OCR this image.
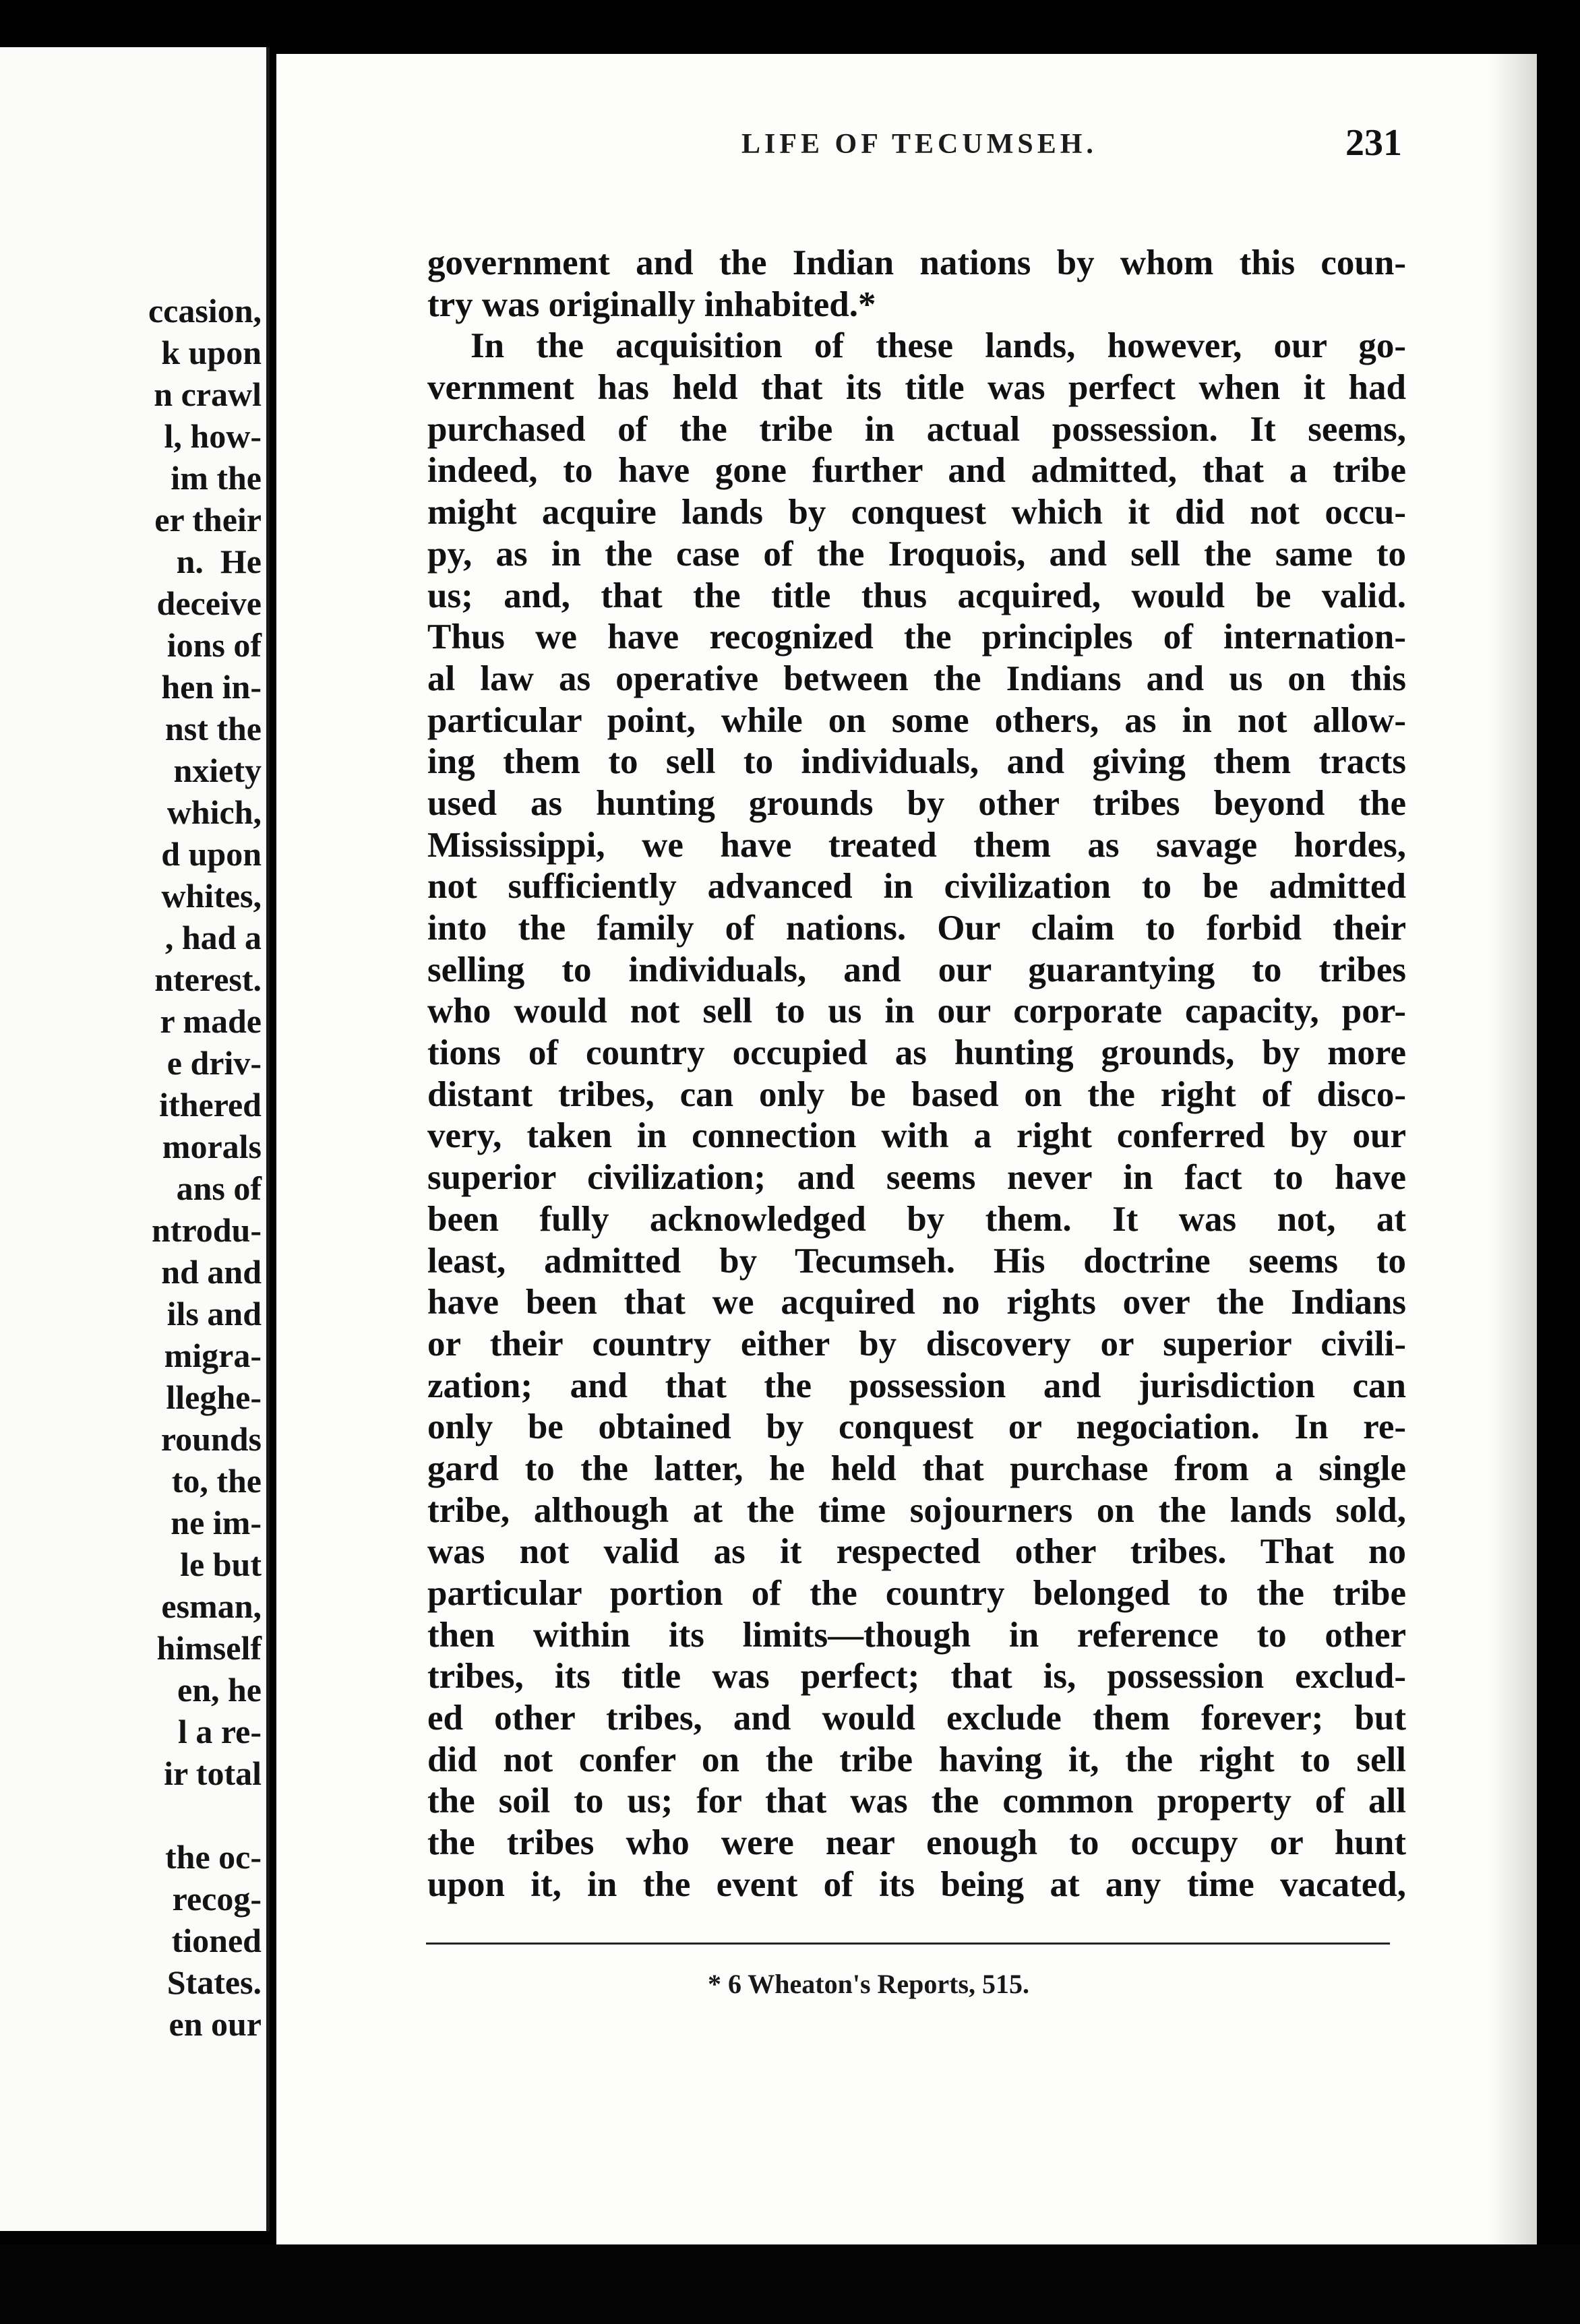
ccasion,
k upon
n crawl
l, how-
im the
er their
n.  He
deceive
ions of
hen in-
nst the
nxiety
which,
d upon
whites,
, had a
nterest.
r made
e driv-
ithered
morals
ans of
ntrodu-
nd and
ils and
migra-
lleghe-
rounds
to, the
ne im-
le but
esman,
himself
en, he
l a re-
ir total

the oc-
recog-
tioned
States.
en our
LIFE OF TECUMSEH.	231
government and the Indian nations by whom this coun-
try was originally inhabited.*
In the acquisition of these lands, however, our go-
vernment has held that its title was perfect when it had
purchased of the tribe in actual possession. It seems,
indeed, to have gone further and admitted, that a tribe
might acquire lands by conquest which it did not occu-
py, as in the case of the Iroquois, and sell the same to
us; and, that the title thus acquired, would be valid.
Thus we have recognized the principles of internation-
al law as operative between the Indians and us on this
particular point, while on some others, as in not allow-
ing them to sell to individuals, and giving them tracts
used as hunting grounds by other tribes beyond the
Mississippi, we have treated them as savage hordes,
not sufficiently advanced in civilization to be admitted
into the family of nations. Our claim to forbid their
selling to individuals, and our guarantying to tribes
who would not sell to us in our corporate capacity, por-
tions of country occupied as hunting grounds, by more
distant tribes, can only be based on the right of disco-
very, taken in connection with a right conferred by our
superior civilization; and seems never in fact to have
been fully acknowledged by them. It was not, at
least, admitted by Tecumseh. His doctrine seems to
have been that we acquired no rights over the Indians
or their country either by discovery or superior civili-
zation; and that the possession and jurisdiction can
only be obtained by conquest or negociation. In re-
gard to the latter, he held that purchase from a single
tribe, although at the time sojourners on the lands sold,
was not valid as it respected other tribes. That no
particular portion of the country belonged to the tribe
then within its limits—though in reference to other
tribes, its title was perfect; that is, possession exclud-
ed other tribes, and would exclude them forever; but
did not confer on the tribe having it, the right to sell
the soil to us; for that was the common property of all
the tribes who were near enough to occupy or hunt
upon it, in the event of its being at any time vacated,
* 6 Wheaton's Reports, 515.
